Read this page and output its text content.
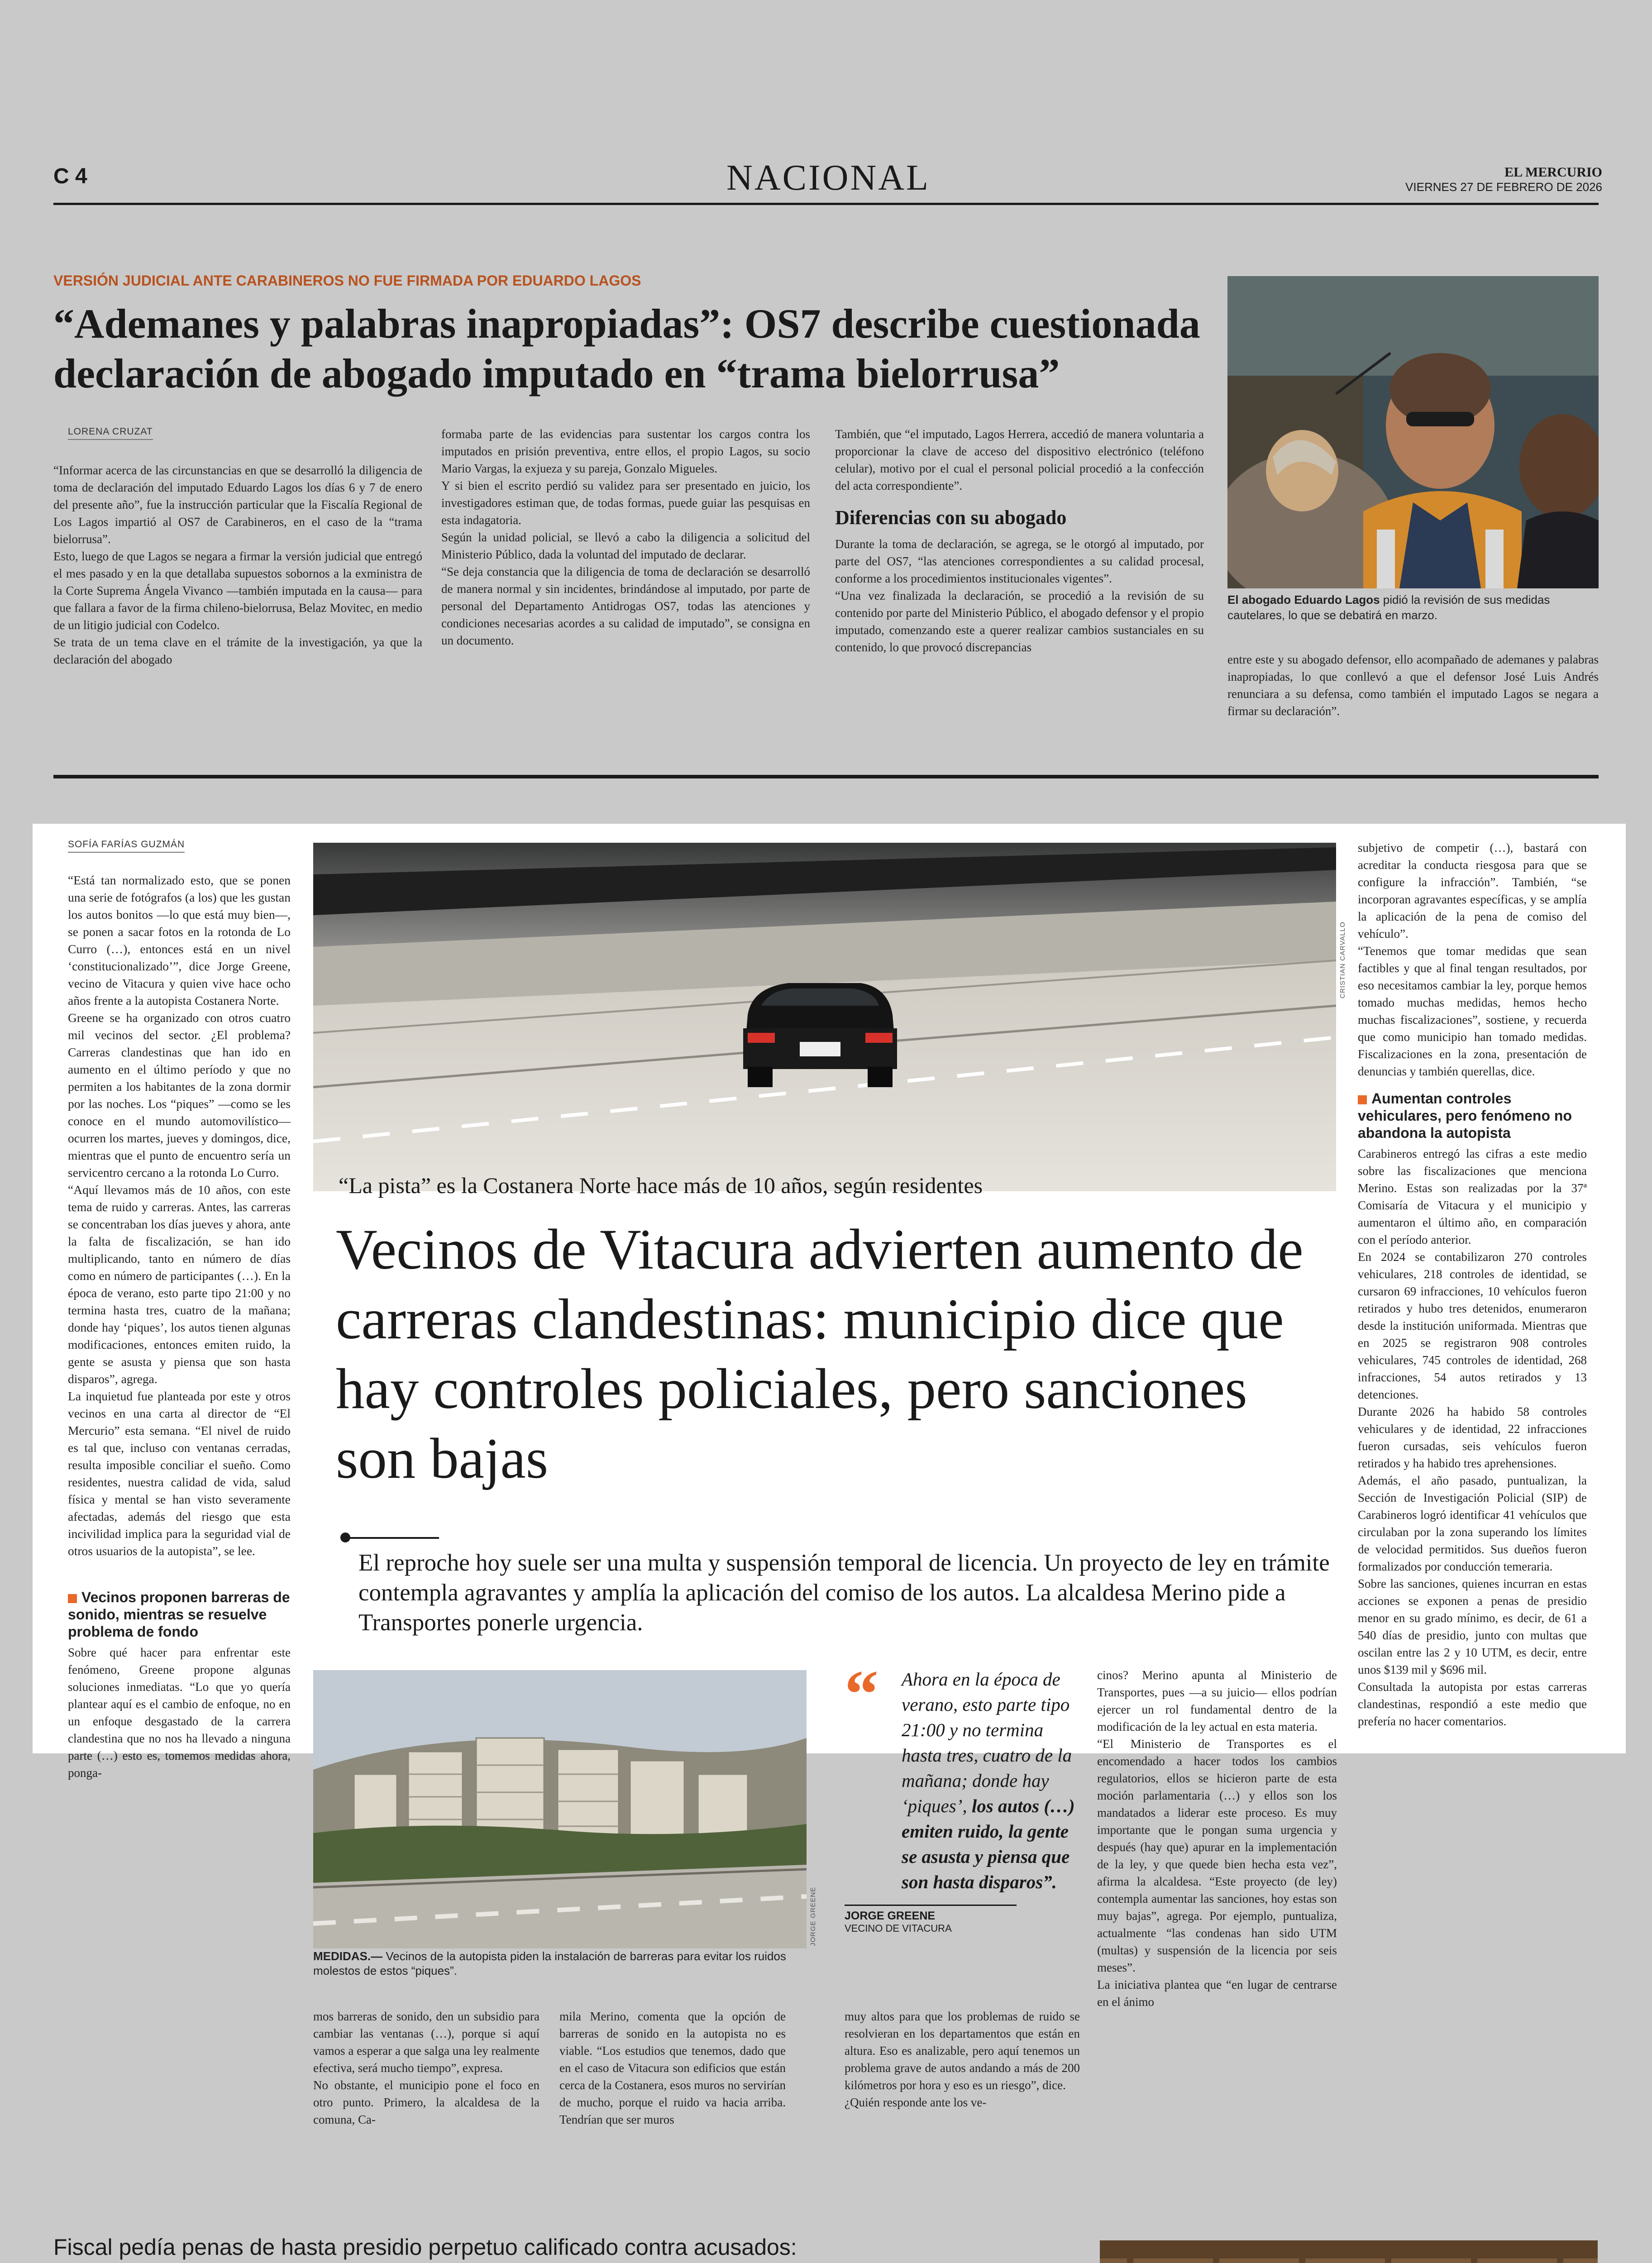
C 4	NACIONAL	EL MERCURIO
VIERNES 27 DE FEBRERO DE 2026
VERSIÓN JUDICIAL ANTE CARABINEROS NO FUE FIRMADA POR EDUARDO LAGOS
“Ademanes y palabras inapropiadas”: OS7 describe cuestionada declaración de abogado imputado en “trama bielorrusa”
LORENA CRUZAT
“Informar acerca de las circunstancias en que se desarrolló la diligencia de toma de declaración del imputado Eduardo Lagos los días 6 y 7 de enero del presente año”, fue la instrucción particular que la Fiscalía Regional de Los Lagos impartió al OS7 de Carabineros, en el caso de la “trama bielorrusa”.
Esto, luego de que Lagos se negara a firmar la versión judicial que entregó el mes pasado y en la que detallaba supuestos sobornos a la exministra de la Corte Suprema Ángela Vivanco —también imputada en la causa— para que fallara a favor de la firma chileno-bielorrusa, Belaz Movitec, en medio de un litigio judicial con Codelco.
Se trata de un tema clave en el trámite de la investigación, ya que la declaración del abogado
formaba parte de las evidencias para sustentar los cargos contra los imputados en prisión preventiva, entre ellos, el propio Lagos, su socio Mario Vargas, la exjueza y su pareja, Gonzalo Migueles.
Y si bien el escrito perdió su validez para ser presentado en juicio, los investigadores estiman que, de todas formas, puede guiar las pesquisas en esta indagatoria.
Según la unidad policial, se llevó a cabo la diligencia a solicitud del Ministerio Público, dada la voluntad del imputado de declarar.
“Se deja constancia que la diligencia de toma de declaración se desarrolló de manera normal y sin incidentes, brindándose al imputado, por parte de personal del Departamento Antidrogas OS7, todas las atenciones y condiciones necesarias acordes a su calidad de imputado”, se consigna en un documento.
También, que “el imputado, Lagos Herrera, accedió de manera voluntaria a proporcionar la clave de acceso del dispositivo electrónico (teléfono celular), motivo por el cual el personal policial procedió a la confección del acta correspondiente”.
Diferencias con su abogado
Durante la toma de declaración, se agrega, se le otorgó al imputado, por parte del OS7, “las atenciones correspondientes a su calidad procesal, conforme a los procedimientos institucionales vigentes”.
“Una vez finalizada la declaración, se procedió a la revisión de su contenido por parte del Ministerio Público, el abogado defensor y el propio imputado, comenzando este a querer realizar cambios sustanciales en su contenido, lo que provocó discrepancias
El abogado Eduardo Lagos pidió la revisión de sus medidas cautelares, lo que se debatirá en marzo.
entre este y su abogado defensor, ello acompañado de ademanes y palabras inapropiadas, lo que conllevó a que el defensor José Luis Andrés renunciara a su defensa, como también el imputado Lagos se negara a firmar su declaración”.
SOFÍA FARÍAS GUZMÁN
“Está tan normalizado esto, que se ponen una serie de fotógrafos (a los) que les gustan los autos bonitos —lo que está muy bien—, se ponen a sacar fotos en la rotonda de Lo Curro (…), entonces está en un nivel ‘constitucionalizado’”, dice Jorge Greene, vecino de Vitacura y quien vive hace ocho años frente a la autopista Costanera Norte.
Greene se ha organizado con otros cuatro mil vecinos del sector. ¿El problema? Carreras clandestinas que han ido en aumento en el último período y que no permiten a los habitantes de la zona dormir por las noches. Los “piques” —como se les conoce en el mundo automovilístico— ocurren los martes, jueves y domingos, dice, mientras que el punto de encuentro sería un servicentro cercano a la rotonda Lo Curro.
“Aquí llevamos más de 10 años, con este tema de ruido y carreras. Antes, las carreras se concentraban los días jueves y ahora, ante la falta de fiscalización, se han ido multiplicando, tanto en número de días como en número de participantes (…). En la época de verano, esto parte tipo 21:00 y no termina hasta tres, cuatro de la mañana; donde hay ‘piques’, los autos tienen algunas modificaciones, entonces emiten ruido, la gente se asusta y piensa que son hasta disparos”, agrega.
La inquietud fue planteada por este y otros vecinos en una carta al director de “El Mercurio” esta semana. “El nivel de ruido es tal que, incluso con ventanas cerradas, resulta imposible conciliar el sueño. Como residentes, nuestra calidad de vida, salud física y mental se han visto severamente afectadas, además del riesgo que esta incivilidad implica para la seguridad vial de otros usuarios de la autopista”, se lee.
Vecinos proponen barreras de sonido, mientras se resuelve problema de fondo
Sobre qué hacer para enfrentar este fenómeno, Greene propone algunas soluciones inmediatas. “Lo que yo quería plantear aquí es el cambio de enfoque, no en un enfoque desgastado de la carrera clandestina que no nos ha llevado a ninguna parte (…) esto es, tomemos medidas ahora, ponga-
CRISTIAN CARVALLO
“La pista” es la Costanera Norte hace más de 10 años, según residentes
Vecinos de Vitacura advierten aumento de carreras clandestinas: municipio dice que hay controles policiales, pero sanciones son bajas
El reproche hoy suele ser una multa y suspensión temporal de licencia. Un proyecto de ley en trámite contempla agravantes y amplía la aplicación del comiso de los autos. La alcaldesa Merino pide a Transportes ponerle urgencia.
JORGE GREENE
MEDIDAS.— Vecinos de la autopista piden la instalación de barreras para evitar los ruidos molestos de estos “piques”.
“	Ahora en la época de verano, esto parte tipo 21:00 y no termina hasta tres, cuatro de la mañana; donde hay ‘piques’, los autos (…) emiten ruido, la gente se asusta y piensa que son hasta disparos”.
JORGE GREENE
VECINO DE VITACURA
mos barreras de sonido, den un subsidio para cambiar las ventanas (…), porque si aquí vamos a esperar a que salga una ley realmente efectiva, será mucho tiempo”, expresa.
No obstante, el municipio pone el foco en otro punto. Primero, la alcaldesa de la comuna, Ca-
mila Merino, comenta que la opción de barreras de sonido en la autopista no es viable. “Los estudios que tenemos, dado que en el caso de Vitacura son edificios que están cerca de la Costanera, esos muros no servirían de mucho, porque el ruido va hacia arriba. Tendrían que ser muros
muy altos para que los problemas de ruido se resolvieran en los departamentos que están en altura. Eso es analizable, pero aquí tenemos un problema grave de autos andando a más de 200 kilómetros por hora y eso es un riesgo”, dice.
¿Quién responde ante los ve-
cinos? Merino apunta al Ministerio de Transportes, pues —a su juicio— ellos podrían ejercer un rol fundamental dentro de la modificación de la ley actual en esta materia.
“El Ministerio de Transportes es el encomendado a hacer todos los cambios regulatorios, ellos se hicieron parte de esta moción parlamentaria (…) y ellos son los mandatados a liderar este proceso. Es muy importante que le pongan suma urgencia y después (hay que) apurar en la implementación de la ley, y que quede bien hecha esta vez”, afirma la alcaldesa. “Este proyecto (de ley) contempla aumentar las sanciones, hoy estas son muy bajas”, agrega. Por ejemplo, puntualiza, actualmente “las condenas han sido UTM (multas) y suspensión de la licencia por seis meses”.
La iniciativa plantea que “en lugar de centrarse en el ánimo
subjetivo de competir (…), bastará con acreditar la conducta riesgosa para que se configure la infracción”. También, “se incorporan agravantes específicas, y se amplía la aplicación de la pena de comiso del vehículo”.
“Tenemos que tomar medidas que sean factibles y que al final tengan resultados, por eso necesitamos cambiar la ley, porque hemos tomado muchas medidas, hemos hecho muchas fiscalizaciones”, sostiene, y recuerda que como municipio han tomado medidas. Fiscalizaciones en la zona, presentación de denuncias y también querellas, dice.
Aumentan controles vehiculares, pero fenómeno no abandona la autopista
Carabineros entregó las cifras a este medio sobre las fiscalizaciones que menciona Merino. Estas son realizadas por la 37ª Comisaría de Vitacura y el municipio y aumentaron el último año, en comparación con el período anterior.
En 2024 se contabilizaron 270 controles vehiculares, 218 controles de identidad, se cursaron 69 infracciones, 10 vehículos fueron retirados y hubo tres detenidos, enumeraron desde la institución uniformada. Mientras que en 2025 se registraron 908 controles vehiculares, 745 controles de identidad, 268 infracciones, 54 autos retirados y 13 detenciones.
Durante 2026 ha habido 58 controles vehiculares y de identidad, 22 infracciones fueron cursadas, seis vehículos fueron retirados y ha habido tres aprehensiones.
Además, el año pasado, puntualizan, la Sección de Investigación Policial (SIP) de Carabineros logró identificar 41 vehículos que circulaban por la zona superando los límites de velocidad permitidos. Sus dueños fueron formalizados por conducción temeraria.
Sobre las sanciones, quienes incurran en estas acciones se exponen a penas de presidio menor en su grado mínimo, es decir, de 61 a 540 días de presidio, junto con multas que oscilan entre las 2 y 10 UTM, es decir, entre unos $139 mil y $696 mil.
Consultada la autopista por estas carreras clandestinas, respondió a este medio que prefería no hacer comentarios.
Fiscal pedía penas de hasta presidio perpetuo calificado contra acusados:
